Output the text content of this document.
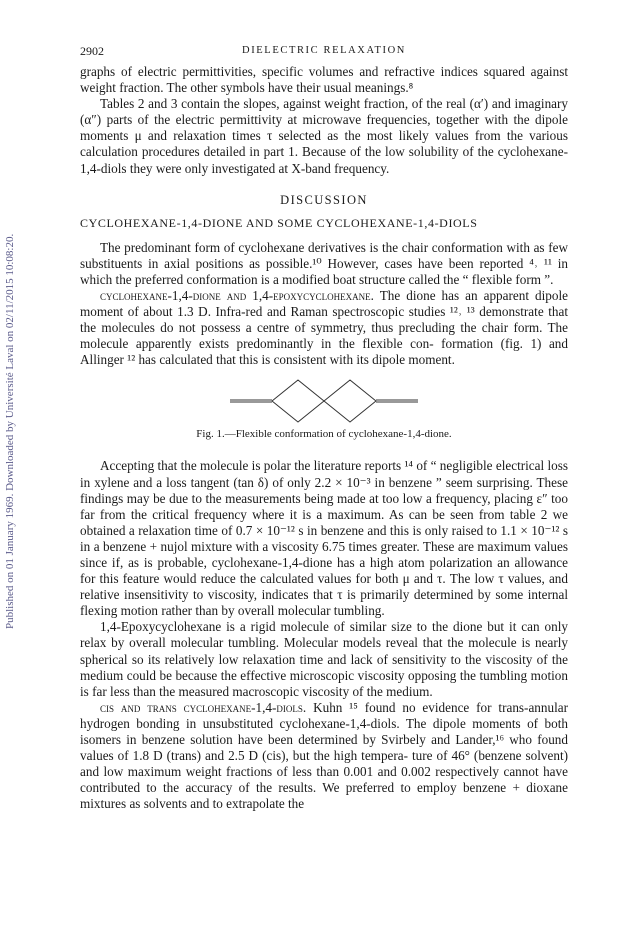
Published on 01 January 1969. Downloaded by Université Laval on 02/11/2015 10:08:20.
2902	DIELECTRIC RELAXATION

graphs of electric permittivities, specific volumes and refractive indices squared against weight fraction. The other symbols have their usual meanings.⁸

Tables 2 and 3 contain the slopes, against weight fraction, of the real (α′) and imaginary (α″) parts of the electric permittivity at microwave frequencies, together with the dipole moments μ and relaxation times τ selected as the most likely values from the various calculation procedures detailed in part 1. Because of the low solubility of the cyclohexane-1,4-diols they were only investigated at X-band frequency.

DISCUSSION
CYCLOHEXANE-1,4-DIONE AND SOME CYCLOHEXANE-1,4-DIOLS

The predominant form of cyclohexane derivatives is the chair conformation with as few substituents in axial positions as possible.¹⁰ However, cases have been reported ⁴˒ ¹¹ in which the preferred conformation is a modified boat structure called the “ flexible form ”.

cyclohexane-1,4-dione and 1,4-epoxycyclohexane. The dione has an apparent dipole moment of about 1.3 D. Infra-red and Raman spectroscopic studies ¹²˒ ¹³ demonstrate that the molecules do not possess a centre of symmetry, thus precluding the chair form. The molecule apparently exists predominantly in the flexible con- formation (fig. 1) and Allinger ¹² has calculated that this is consistent with its dipole moment.

Fig. 1.—Flexible conformation of cyclohexane-1,4-dione.

Accepting that the molecule is polar the literature reports ¹⁴ of “ negligible electrical loss in xylene and a loss tangent (tan δ) of only 2.2 × 10⁻³ in benzene ” seem surprising. These findings may be due to the measurements being made at too low a frequency, placing ε″ too far from the critical frequency where it is a maximum. As can be seen from table 2 we obtained a relaxation time of 0.7 × 10⁻¹² s in benzene and this is only raised to 1.1 × 10⁻¹² s in a benzene + nujol mixture with a viscosity 6.75 times greater. These are maximum values since if, as is probable, cyclohexane-1,4-dione has a high atom polarization an allowance for this feature would reduce the calculated values for both μ and τ. The low τ values, and relative insensitivity to viscosity, indicates that τ is primarily determined by some internal flexing motion rather than by overall molecular tumbling.

1,4-Epoxycyclohexane is a rigid molecule of similar size to the dione but it can only relax by overall molecular tumbling. Molecular models reveal that the molecule is nearly spherical so its relatively low relaxation time and lack of sensitivity to the viscosity of the medium could be because the effective microscopic viscosity opposing the tumbling motion is far less than the measured macroscopic viscosity of the medium.

cis and trans cyclohexane-1,4-diols. Kuhn ¹⁵ found no evidence for trans-annular hydrogen bonding in unsubstituted cyclohexane-1,4-diols. The dipole moments of both isomers in benzene solution have been determined by Svirbely and Lander,¹⁶ who found values of 1.8 D (trans) and 2.5 D (cis), but the high tempera- ture of 46° (benzene solvent) and low maximum weight fractions of less than 0.001 and 0.002 respectively cannot have contributed to the accuracy of the results. We preferred to employ benzene + dioxane mixtures as solvents and to extrapolate the
